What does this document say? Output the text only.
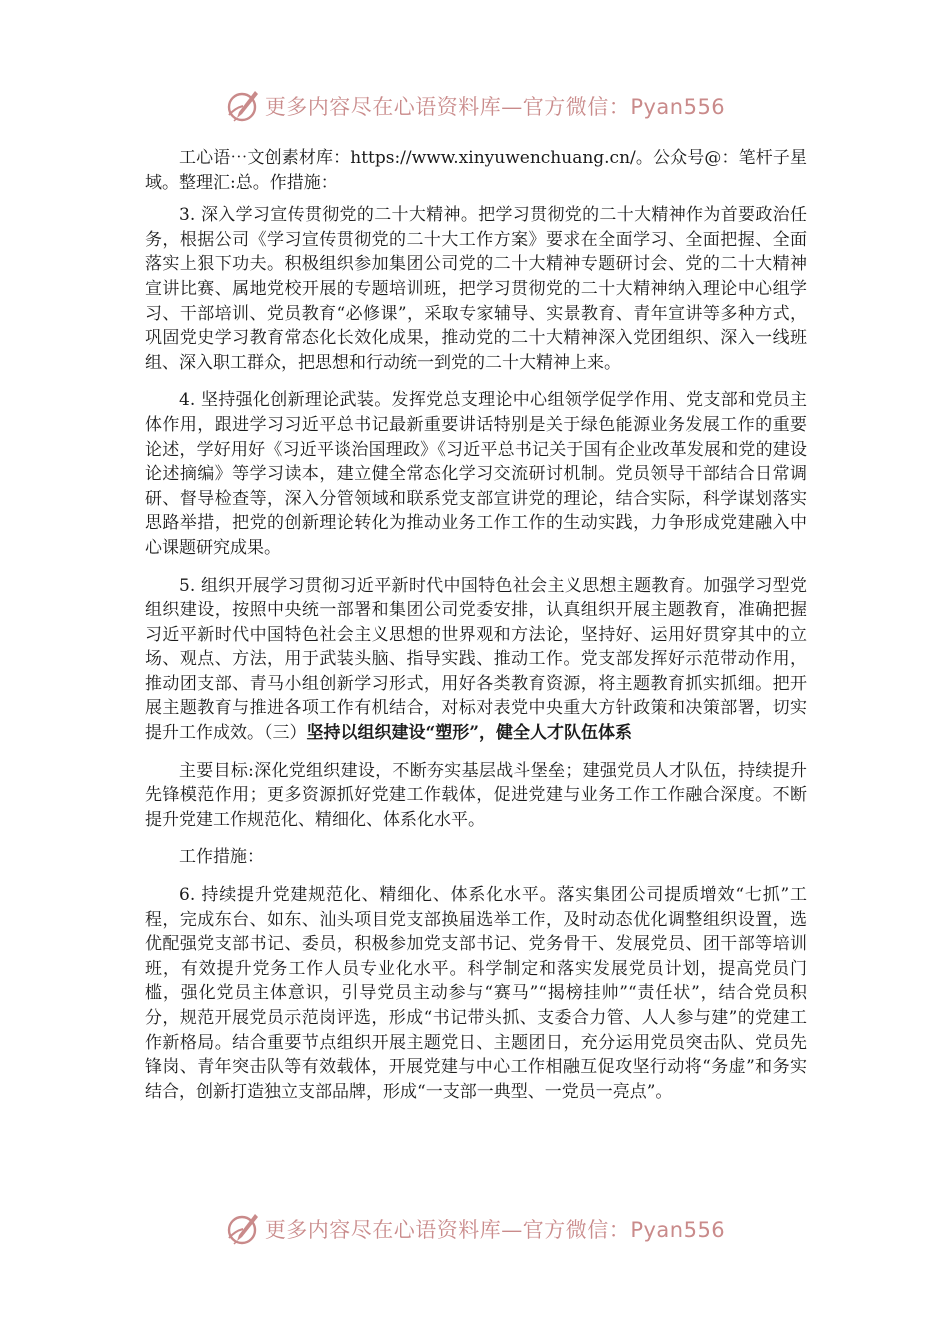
更多内容尽在心语资料库—官方微信：Pyan556

工心语⋯文创素材库：https://www.xinyuwenchuang.cn/。公众号@：笔杆子星域。整理汇:总。作措施：

3. 深入学习宣传贯彻党的二十大精神。把学习贯彻党的二十大精神作为首要政治任务，根据公司《学习宣传贯彻党的二十大工作方案》要求在全面学习、全面把握、全面落实上狠下功夫。积极组织参加集团公司党的二十大精神专题研讨会、党的二十大精神宣讲比赛、属地党校开展的专题培训班，把学习贯彻党的二十大精神纳入理论中心组学习、干部培训、党员教育“必修课”，采取专家辅导、实景教育、青年宣讲等多种方式，巩固党史学习教育常态化长效化成果，推动党的二十大精神深入党团组织、深入一线班组、深入职工群众，把思想和行动统一到党的二十大精神上来。

4. 坚持强化创新理论武装。发挥党总支理论中心组领学促学作用、党支部和党员主体作用，跟进学习习近平总书记最新重要讲话特别是关于绿色能源业务发展工作的重要论述，学好用好《习近平谈治国理政》《习近平总书记关于国有企业改革发展和党的建设论述摘编》等学习读本，建立健全常态化学习交流研讨机制。党员领导干部结合日常调研、督导检查等，深入分管领域和联系党支部宣讲党的理论，结合实际，科学谋划落实思路举措，把党的创新理论转化为推动业务工作工作的生动实践，力争形成党建融入中心课题研究成果。

5. 组织开展学习贯彻习近平新时代中国特色社会主义思想主题教育。加强学习型党组织建设，按照中央统一部署和集团公司党委安排，认真组织开展主题教育，准确把握习近平新时代中国特色社会主义思想的世界观和方法论，坚持好、运用好贯穿其中的立场、观点、方法，用于武装头脑、指导实践、推动工作。党支部发挥好示范带动作用，推动团支部、青马小组创新学习形式，用好各类教育资源，将主题教育抓实抓细。把开展主题教育与推进各项工作有机结合，对标对表党中央重大方针政策和决策部署，切实提升工作成效。（三）坚持以组织建设“塑形”，健全人才队伍体系

主要目标:深化党组织建设，不断夯实基层战斗堡垒；建强党员人才队伍，持续提升先锋模范作用；更多资源抓好党建工作载体，促进党建与业务工作工作融合深度。不断提升党建工作规范化、精细化、体系化水平。

工作措施：

6. 持续提升党建规范化、精细化、体系化水平。落实集团公司提质增效“七抓”工程，完成东台、如东、汕头项目党支部换届选举工作，及时动态优化调整组织设置，选优配强党支部书记、委员，积极参加党支部书记、党务骨干、发展党员、团干部等培训班，有效提升党务工作人员专业化水平。科学制定和落实发展党员计划，提高党员门槛，强化党员主体意识，引导党员主动参与“赛马”“揭榜挂帅”“责任状”，结合党员积分，规范开展党员示范岗评选，形成“书记带头抓、支委合力管、人人参与建”的党建工作新格局。结合重要节点组织开展主题党日、主题团日，充分运用党员突击队、党员先锋岗、青年突击队等有效载体，开展党建与中心工作相融互促攻坚行动将“务虚”和务实结合，创新打造独立支部品牌，形成“一支部一典型、一党员一亮点”。

更多内容尽在心语资料库—官方微信：Pyan556
